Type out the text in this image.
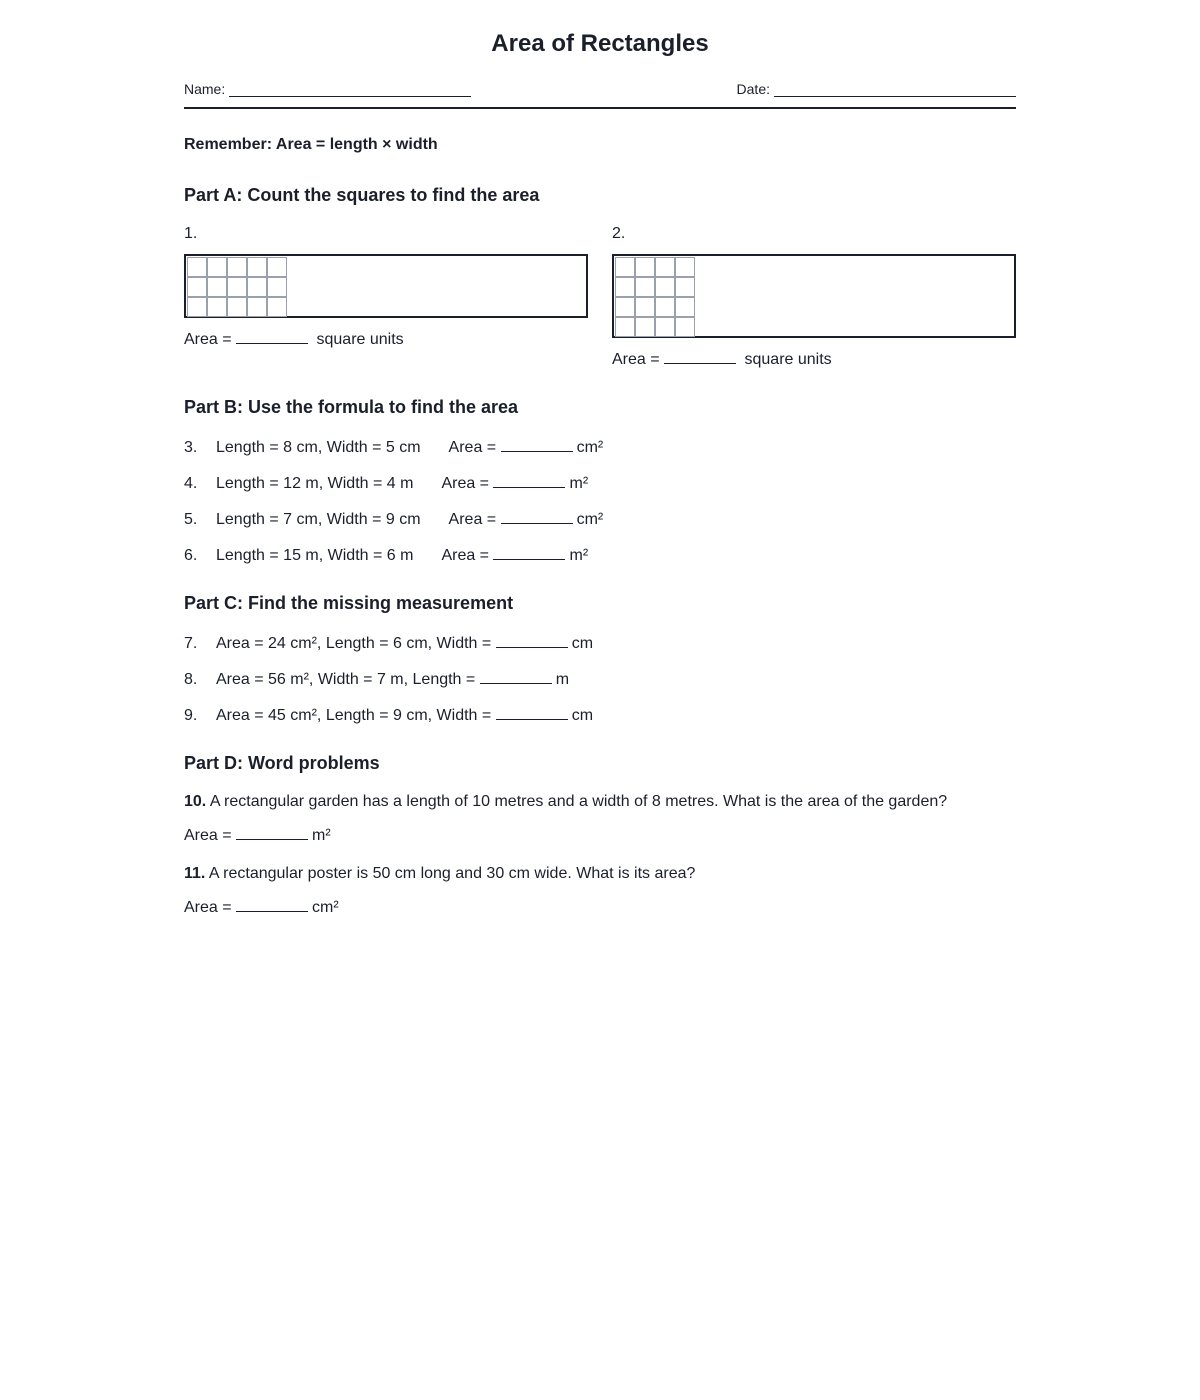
Area of Rectangles
Name:	Date:
Remember: Area = length × width
Part A: Count the squares to find the area
1.
Area =	square units
2.
Area =	square units
Part B: Use the formula to find the area
3. Length = 8 cm, Width = 5 cm Area =	cm²
4. Length = 12 m, Width = 4 m Area =	m²
5. Length = 7 cm, Width = 9 cm Area =	cm²
6. Length = 15 m, Width = 6 m Area =	m²
Part C: Find the missing measurement
7. Area = 24 cm², Length = 6 cm, Width =	cm
8. Area = 56 m², Width = 7 m, Length =	m
9. Area = 45 cm², Length = 9 cm, Width =	cm
Part D: Word problems
10. A rectangular garden has a length of 10 metres and a width of 8 metres. What is the area of the garden?
Area =	m²
11. A rectangular poster is 50 cm long and 30 cm wide. What is its area?
Area =	cm²
